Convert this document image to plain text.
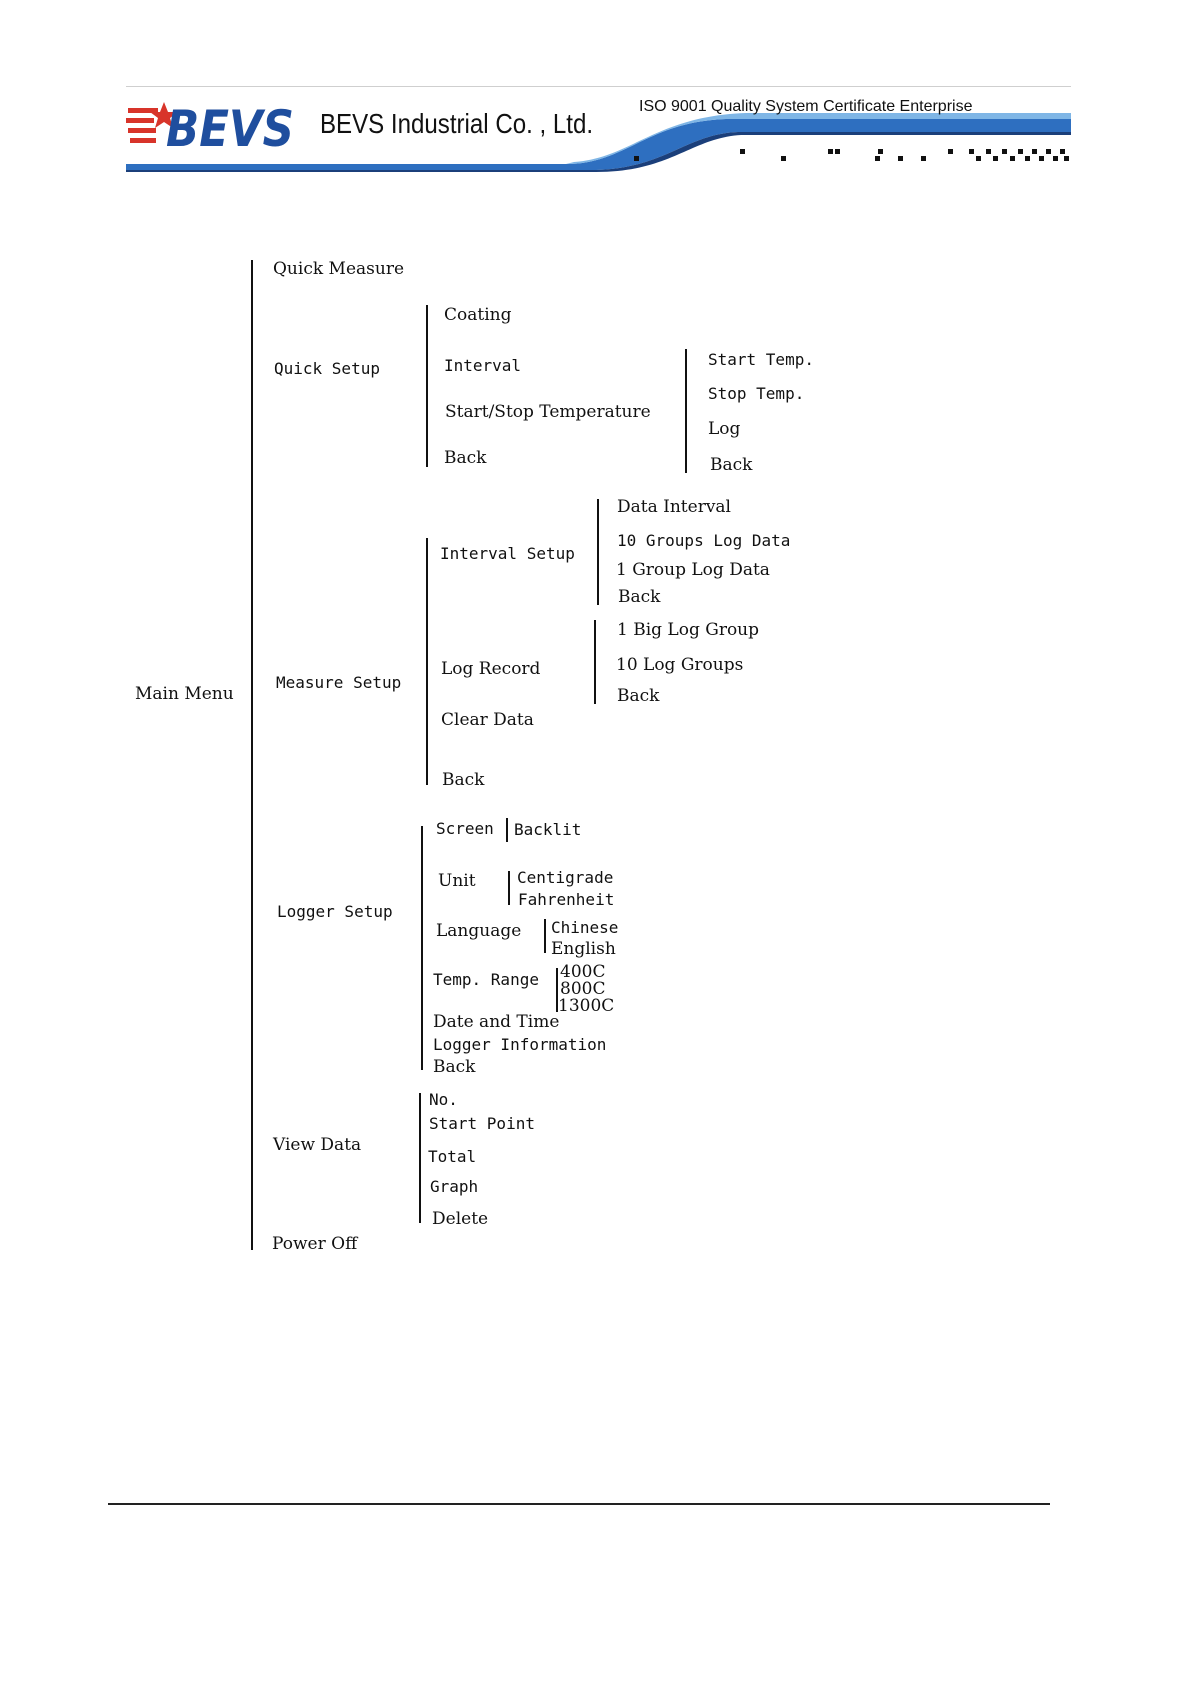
BEVS BEVS Industrial Co. , Ltd.
ISO 9001 Quality System Certificate Enterprise
Main Menu
Quick Measure
Quick Setup
Measure Setup
Logger Setup
View Data
Power Off
Coating
Interval
Start/Stop Temperature
Back
Start Temp.
Stop Temp.
Log
Back
Interval Setup
Data Interval
10 Groups Log Data
1 Group Log Data
Back
Log Record
1 Big Log Group
10 Log Groups
Back
Clear Data
Back
Screen Backlit
Unit	Centigrade
Fahrenheit
Language Chinese
English
Temp. Range 400C
800C
1300C
Date and Time
Logger Information
Back
No.
Start Point
Total
Graph
Delete
